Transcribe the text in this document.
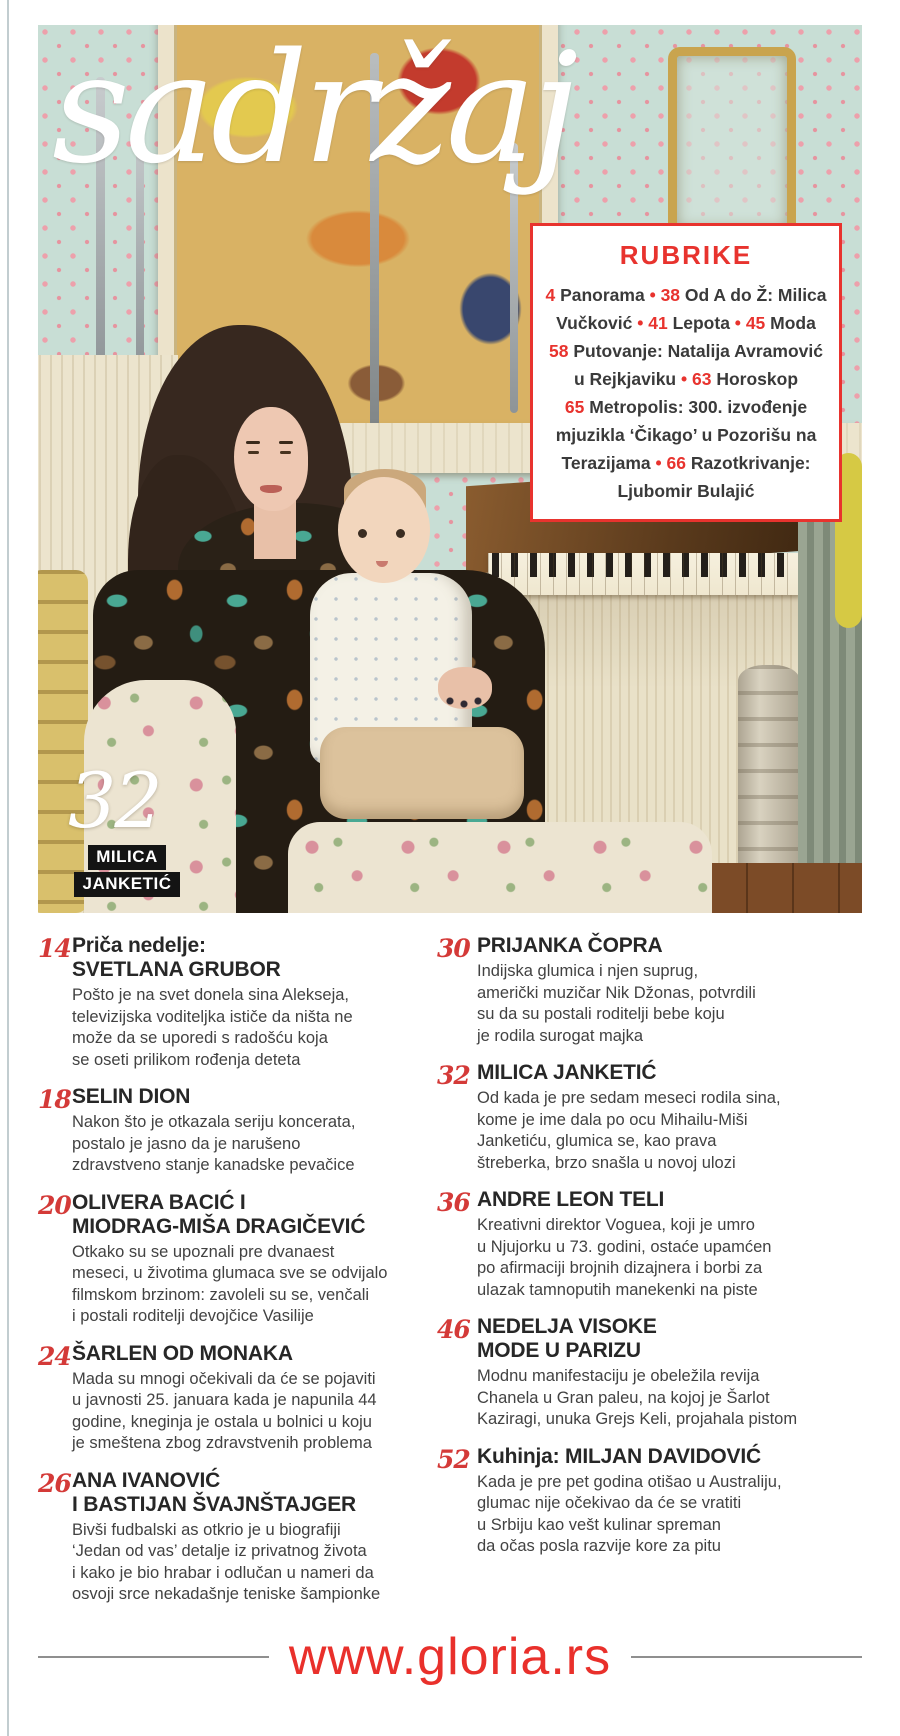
sadržaj
RUBRIKE
4 Panorama • 38 Od A do Ž: Milica
Vučković • 41 Lepota • 45 Moda
58 Putovanje: Natalija Avramović
u Rejkjaviku • 63 Horoskop
65 Metropolis: 300. izvođenje
mjuzikla ‘Čikago’ u Pozorišu na
Terazijama • 66 Razotkrivanje:
Ljubomir Bulajić
32
MILICA
JANKETIĆ
14 Priča nedelje:
SVETLANA GRUBOR
Pošto je na svet donela sina Alekseja,
televizijska voditeljka ističe da ništa ne
može da se uporedi s radošću koja
se oseti prilikom rođenja deteta
18 SELIN DION
Nakon što je otkazala seriju koncerata,
postalo je jasno da je narušeno
zdravstveno stanje kanadske pevačice
20 OLIVERA BACIĆ I
MIODRAG-MIŠA DRAGIČEVIĆ
Otkako su se upoznali pre dvanaest
meseci, u životima glumaca sve se odvijalo
filmskom brzinom: zavoleli su se, venčali
i postali roditelji devojčice Vasilije
24 ŠARLEN OD MONAKA
Mada su mnogi očekivali da će se pojaviti
u javnosti 25. januara kada je napunila 44
godine, kneginja je ostala u bolnici u koju
je smeštena zbog zdravstvenih problema
26 ANA IVANOVIĆ
I BASTIJAN ŠVAJNŠTAJGER
Bivši fudbalski as otkrio je u biografiji
‘Jedan od vas’ detalje iz privatnog života
i kako je bio hrabar i odlučan u nameri da
osvoji srce nekadašnje teniske šampionke
30 PRIJANKA ČOPRA
Indijska glumica i njen suprug,
američki muzičar Nik Džonas, potvrdili
su da su postali roditelji bebe koju
je rodila surogat majka
32 MILICA JANKETIĆ
Od kada je pre sedam meseci rodila sina,
kome je ime dala po ocu Mihailu-Miši
Janketiću, glumica se, kao prava
štreberka, brzo snašla u novoj ulozi
36 ANDRE LEON TELI
Kreativni direktor Voguea, koji je umro
u Njujorku u 73. godini, ostaće upamćen
po afirmaciji brojnih dizajnera i borbi za
ulazak tamnoputih manekenki na piste
46 NEDELJA VISOKE
MODE U PARIZU
Modnu manifestaciju je obeležila revija
Chanela u Gran paleu, na kojoj je Šarlot
Kaziragi, unuka Grejs Keli, projahala pistom
52 Kuhinja: MILJAN DAVIDOVIĆ
Kada je pre pet godina otišao u Australiju,
glumac nije očekivao da će se vratiti
u Srbiju kao vešt kulinar spreman
da očas posla razvije kore za pitu
www.gloria.rs
